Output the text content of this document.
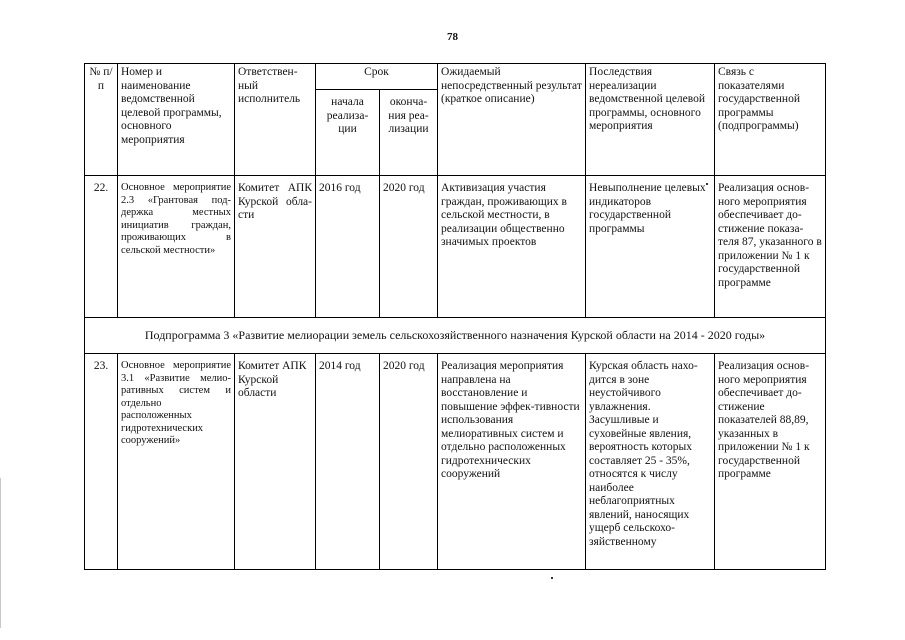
78
№ п/п	Номер и наименование ведомственной целевой программы, основного мероприятия	Ответствен-ный исполнитель	Срок		Ожидаемый непосредственный результат (краткое описание)	Последствия нереализации ведомственной целевой программы, основного мероприятия	Связь с показателями государственной программы (подпрограммы)
			начала реализа-ции	оконча-ния реа-лизации			
22.	Основное мероприятие 2.3 «Грантовая под-держка местных инициатив граждан, проживающих в сельской местности»	Комитет АПК Курской обла-сти	2016 год	2020 год	Активизация участия граждан, проживающих в сельской местности, в реализации общественно значимых проектов	Невыполнение целевых индикаторов государственной программы	Реализация основ-ного мероприятия обеспечивает до-стижение показа-теля 87, указанного в приложении № 1 к государственной программе
Подпрограмма 3 «Развитие мелиорации земель сельскохозяйственного назначения Курской области на 2014 - 2020 годы»							
23.	Основное мероприятие 3.1 «Развитие мелио-ративных систем и отдельно расположенных гидротехнических сооружений»	Комитет АПК Курской области	2014 год	2020 год	Реализация мероприятия направлена на восстановление и повышение эффек-тивности использования мелиоративных систем и отдельно расположенных гидротехнических сооружений	Курская область нахо-дится в зоне неустойчивого увлажнения. Засушливые и суховейные явления, вероятность которых составляет 25 - 35%, относятся к числу наиболее неблагоприятных явлений, наносящих ущерб сельскохо-зяйственному	Реализация основ-ного мероприятия обеспечивает до-стижение показателей 88,89, указанных в приложении № 1 к государственной программе
